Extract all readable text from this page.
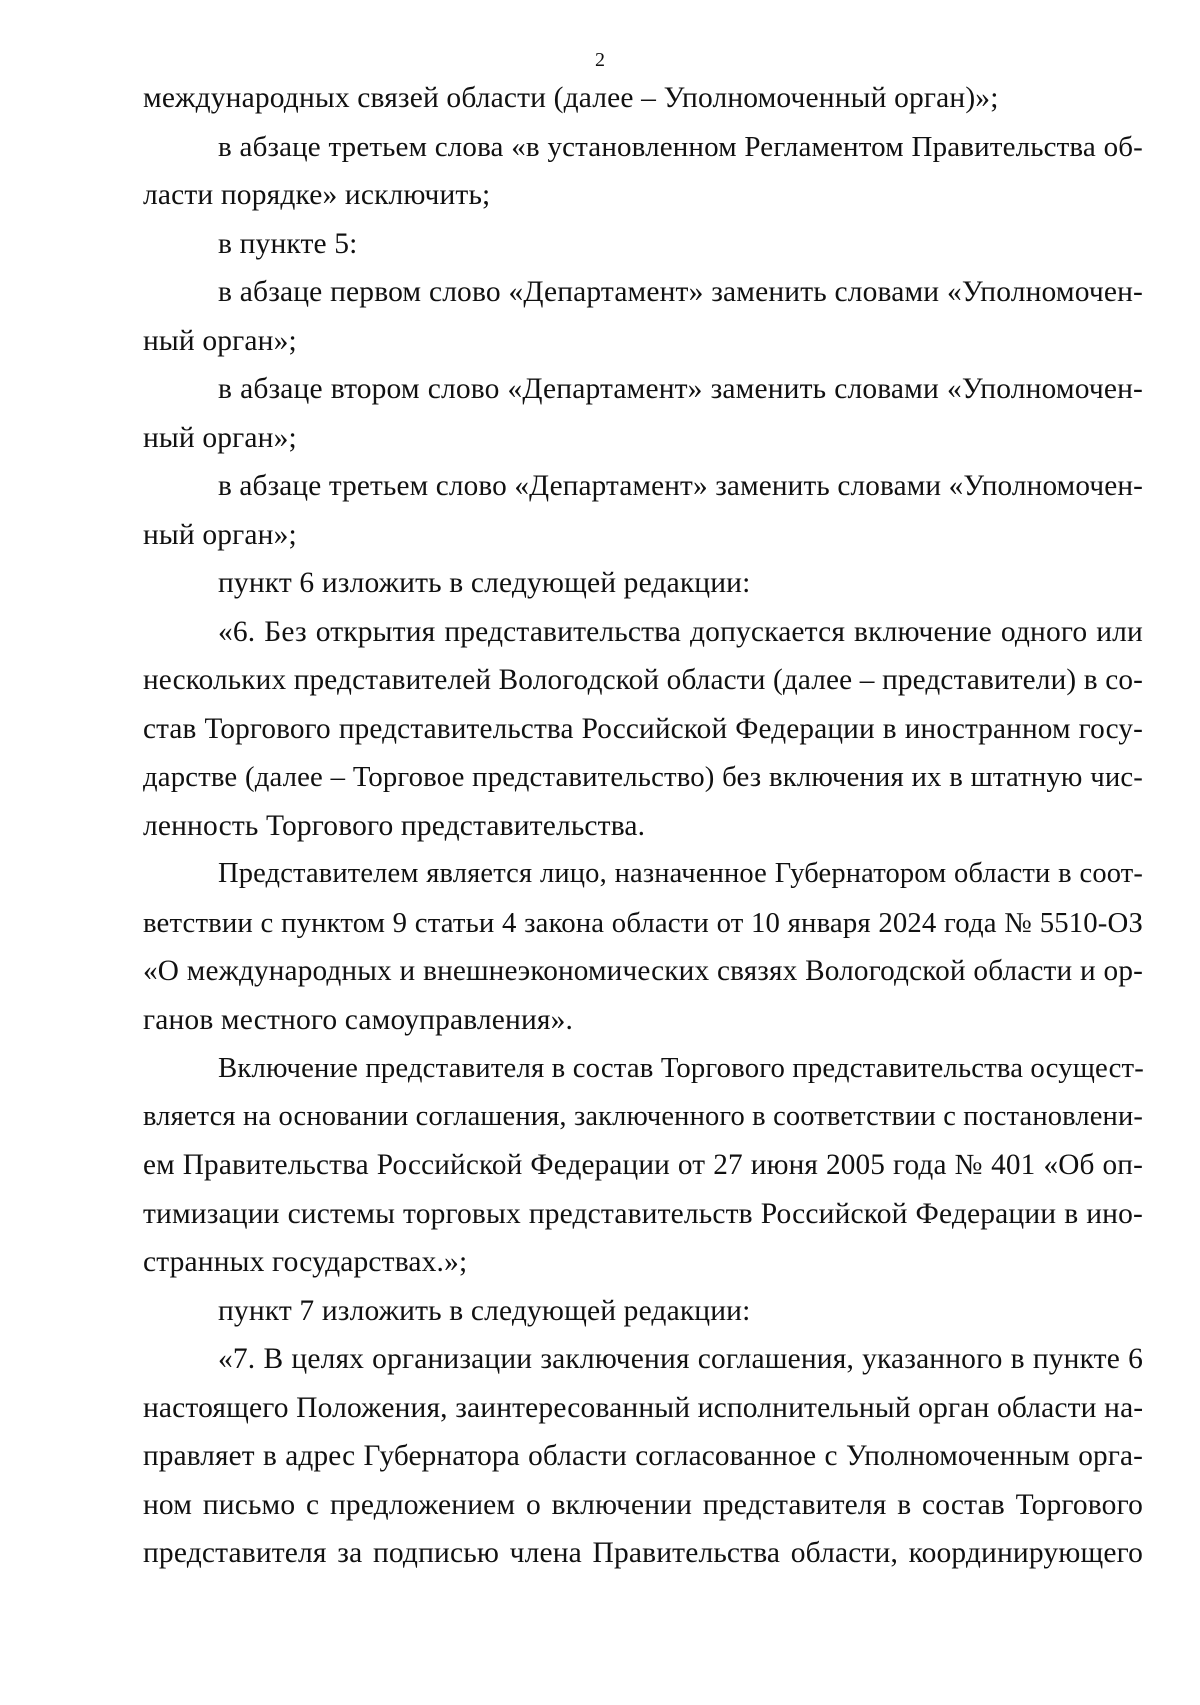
2
международных связей области (далее – Уполномоченный орган)»;
в абзаце третьем слова «в установленном Регламентом Правительства об-
ласти порядке» исключить;
в пункте 5:
в абзаце первом слово «Департамент» заменить словами «Уполномочен-
ный орган»;
в абзаце втором слово «Департамент» заменить словами «Уполномочен-
ный орган»;
в абзаце третьем слово «Департамент» заменить словами «Уполномочен-
ный орган»;
пункт 6 изложить в следующей редакции:
«6. Без открытия представительства допускается включение одного или
нескольких представителей Вологодской области (далее – представители) в со-
став Торгового представительства Российской Федерации в иностранном госу-
дарстве (далее – Торговое представительство) без включения их в штатную чис-
ленность Торгового представительства.
Представителем является лицо, назначенное Губернатором области в соот-
ветствии с пунктом 9 статьи 4 закона области от 10 января 2024 года № 5510-ОЗ
«О международных и внешнеэкономических связях Вологодской области и ор-
ганов местного самоуправления».
Включение представителя в состав Торгового представительства осущест-
вляется на основании соглашения, заключенного в соответствии с постановлени-
ем Правительства Российской Федерации от 27 июня 2005 года № 401 «Об оп-
тимизации системы торговых представительств Российской Федерации в ино-
странных государствах.»;
пункт 7 изложить в следующей редакции:
«7. В целях организации заключения соглашения, указанного в пункте 6
настоящего Положения, заинтересованный исполнительный орган области на-
правляет в адрес Губернатора области согласованное с Уполномоченным орга-
ном письмо с предложением о включении представителя в состав Торгового
представителя за подписью члена Правительства области, координирующего
